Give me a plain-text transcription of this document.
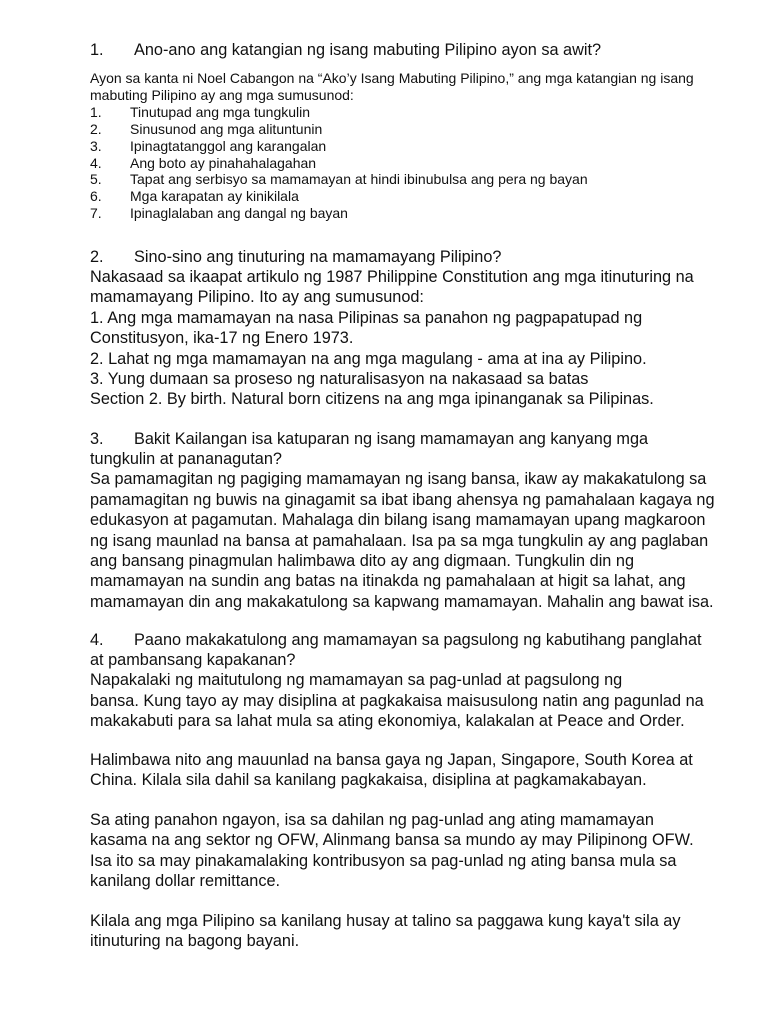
1. Ano-ano ang katangian ng isang mabuting Pilipino ayon sa awit?
Ayon sa kanta ni Noel Cabangon na “Ako’y Isang Mabuting Pilipino,” ang mga katangian ng isang
mabuting Pilipino ay ang mga sumusunod:
1. Tinutupad ang mga tungkulin
2. Sinusunod ang mga alituntunin
3. Ipinagtatanggol ang karangalan
4. Ang boto ay pinahahalagahan
5. Tapat ang serbisyo sa mamamayan at hindi ibinubulsa ang pera ng bayan
6. Mga karapatan ay kinikilala
7. Ipinaglalaban ang dangal ng bayan
2. Sino-sino ang tinuturing na mamamayang Pilipino?
Nakasaad sa ikaapat artikulo ng 1987 Philippine Constitution ang mga itinuturing na
mamamayang Pilipino. Ito ay ang sumusunod:
1. Ang mga mamamayan na nasa Pilipinas sa panahon ng pagpapatupad ng
Constitusyon, ika-17 ng Enero 1973.
2. Lahat ng mga mamamayan na ang mga magulang - ama at ina ay Pilipino.
3. Yung dumaan sa proseso ng naturalisasyon na nakasaad sa batas
Section 2. By birth. Natural born citizens na ang mga ipinanganak sa Pilipinas.
3. Bakit Kailangan isa katuparan ng isang mamamayan ang kanyang mga
tungkulin at pananagutan?
Sa pamamagitan ng pagiging mamamayan ng isang bansa, ikaw ay makakatulong sa
pamamagitan ng buwis na ginagamit sa ibat ibang ahensya ng pamahalaan kagaya ng
edukasyon at pagamutan. Mahalaga din bilang isang mamamayan upang magkaroon
ng isang maunlad na bansa at pamahalaan. Isa pa sa mga tungkulin ay ang paglaban
ang bansang pinagmulan halimbawa dito ay ang digmaan. Tungkulin din ng
mamamayan na sundin ang batas na itinakda ng pamahalaan at higit sa lahat, ang
mamamayan din ang makakatulong sa kapwang mamamayan. Mahalin ang bawat isa.
4. Paano makakatulong ang mamamayan sa pagsulong ng kabutihang panglahat
at pambansang kapakanan?
Napakalaki ng maitutulong ng mamamayan sa pag-unlad at pagsulong ng
bansa. Kung tayo ay may disiplina at pagkakaisa maisusulong natin ang pagunlad na
makakabuti para sa lahat mula sa ating ekonomiya, kalakalan at Peace and Order.
Halimbawa nito ang mauunlad na bansa gaya ng Japan, Singapore, South Korea at
China. Kilala sila dahil sa kanilang pagkakaisa, disiplina at pagkamakabayan.
Sa ating panahon ngayon, isa sa dahilan ng pag-unlad ang ating mamamayan
kasama na ang sektor ng OFW, Alinmang bansa sa mundo ay may Pilipinong OFW.
Isa ito sa may pinakamalaking kontribusyon sa pag-unlad ng ating bansa mula sa
kanilang dollar remittance.
Kilala ang mga Pilipino sa kanilang husay at talino sa paggawa kung kaya't sila ay
itinuturing na bagong bayani.
